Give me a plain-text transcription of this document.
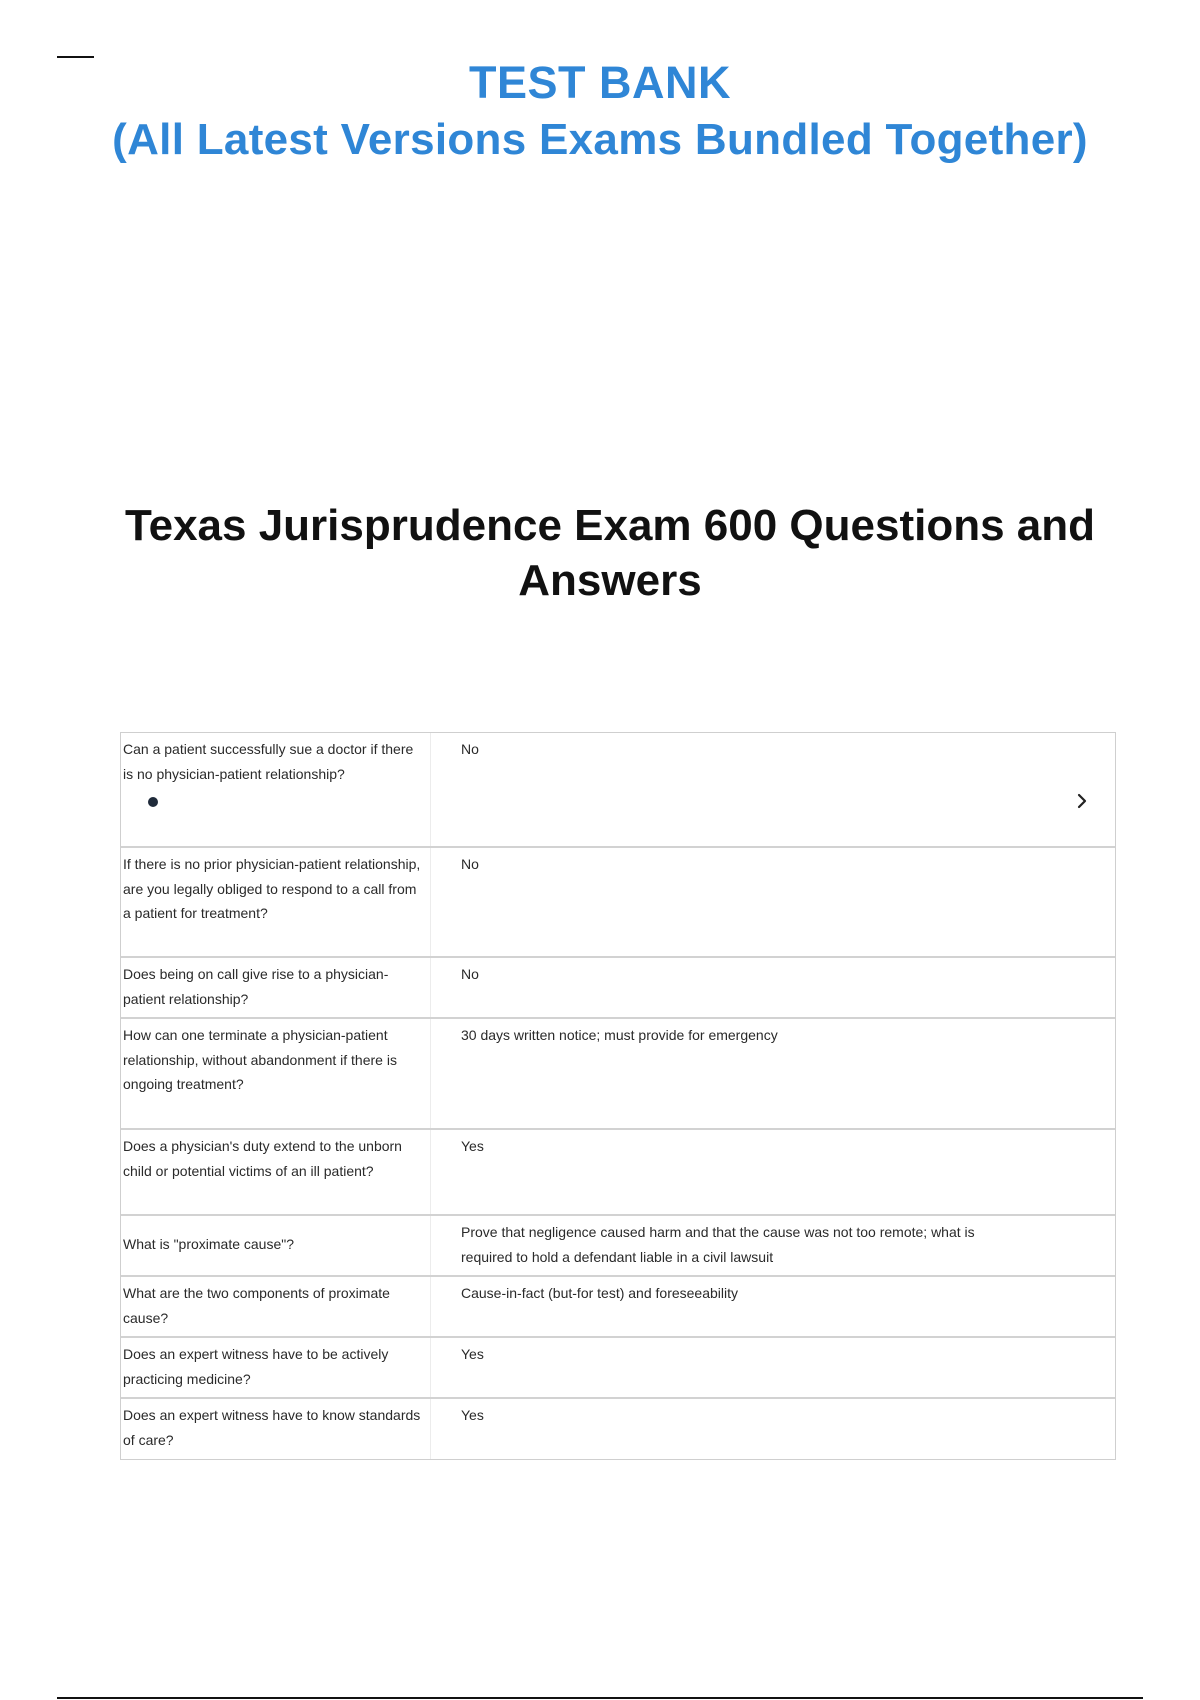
TEST BANK
(All Latest Versions Exams Bundled Together)
Texas Jurisprudence Exam 600 Questions and Answers
Can a patient successfully sue a doctor if there is no physician-patient relationship?
No
If there is no prior physician-patient relationship, are you legally obliged to respond to a call from a patient for treatment?
No
Does being on call give rise to a physician-patient relationship?
No
How can one terminate a physician-patient relationship, without abandonment if there is ongoing treatment?
30 days written notice; must provide for emergency
Does a physician's duty extend to the unborn child or potential victims of an ill patient?
Yes
What is "proximate cause"?
Prove that negligence caused harm and that the cause was not too remote; what is required to hold a defendant liable in a civil lawsuit
What are the two components of proximate cause?
Cause-in-fact (but-for test) and foreseeability
Does an expert witness have to be actively practicing medicine?
Yes
Does an expert witness have to know standards of care?
Yes
